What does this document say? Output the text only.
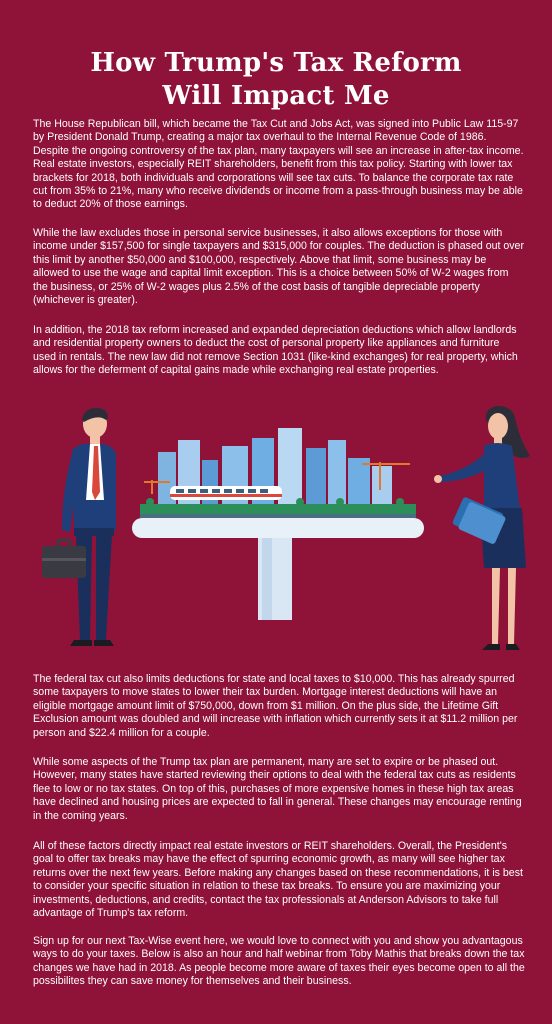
How Trump's Tax Reform
Will Impact Me

The House Republican bill, which became the Tax Cut and Jobs Act, was signed into Public Law 115-97 by President Donald Trump, creating a major tax overhaul to the Internal Revenue Code of 1986. Despite the ongoing controversy of the tax plan, many taxpayers will see an increase in after-tax income. Real estate investors, especially REIT shareholders, benefit from this tax policy. Starting with lower tax brackets for 2018, both individuals and corporations will see tax cuts. To balance the corporate tax rate cut from 35% to 21%, many who receive dividends or income from a pass-through business may be able to deduct 20% of those earnings.

While the law excludes those in personal service businesses, it also allows exceptions for those with income under $157,500 for single taxpayers and $315,000 for couples. The deduction is phased out over this limit by another $50,000 and $100,000, respectively. Above that limit, some business may be allowed to use the wage and capital limit exception. This is a choice between 50% of W-2 wages from the business, or 25% of W-2 wages plus 2.5% of the cost basis of tangible depreciable property (whichever is greater).

In addition, the 2018 tax reform increased and expanded depreciation deductions which allow landlords and residential property owners to deduct the cost of personal property like appliances and furniture used in rentals. The new law did not remove Section 1031 (like-kind exchanges) for real property, which allows for the deferment of capital gains made while exchanging real estate properties.

The federal tax cut also limits deductions for state and local taxes to $10,000. This has already spurred some taxpayers to move states to lower their tax burden. Mortgage interest deductions will have an eligible mortgage amount limit of $750,000, down from $1 million. On the plus side, the Lifetime Gift Exclusion amount was doubled and will increase with inflation which currently sets it at $11.2 million per person and $22.4 million for a couple.

While some aspects of the Trump tax plan are permanent, many are set to expire or be phased out. However, many states have started reviewing their options to deal with the federal tax cuts as residents flee to low or no tax states. On top of this, purchases of more expensive homes in these high tax areas have declined and housing prices are expected to fall in general. These changes may encourage renting in the coming years.

All of these factors directly impact real estate investors or REIT shareholders. Overall, the President's goal to offer tax breaks may have the effect of spurring economic growth, as many will see higher tax returns over the next few years. Before making any changes based on these recommendations, it is best to consider your specific situation in relation to these tax breaks. To ensure you are maximizing your investments, deductions, and credits, contact the tax professionals at Anderson Advisors to take full advantage of Trump's tax reform.

Sign up for our next Tax-Wise event here, we would love to connect with you and show you advantagous ways to do your taxes. Below is also an hour and half webinar from Toby Mathis that breaks down the tax changes we have had in 2018. As people become more aware of taxes their eyes become open to all the possibilites they can save money for themselves and their business.
